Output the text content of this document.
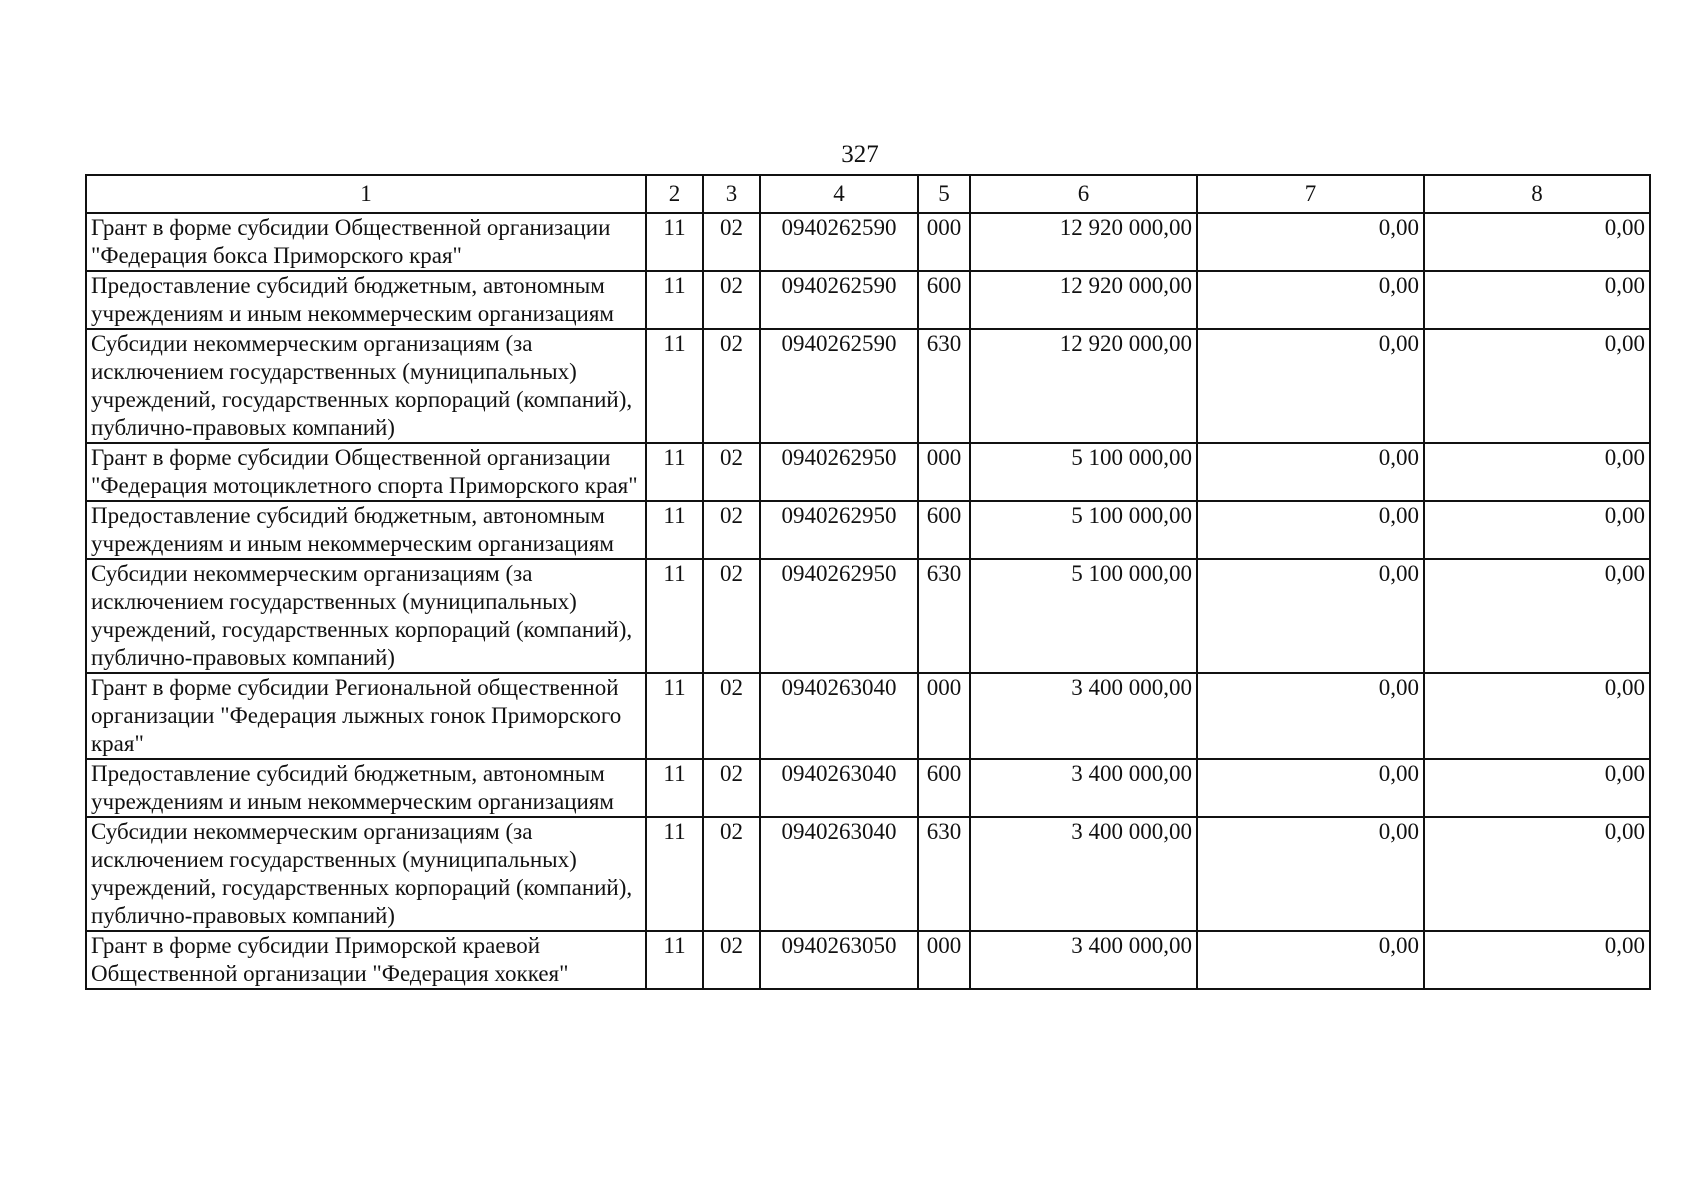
327
1	2	3	4	5	6	7	8
Грант в форме субсидии Общественной организации "Федерация бокса Приморского края"	11	02	0940262590	000	12 920 000,00	0,00	0,00
Предоставление субсидий бюджетным, автономным учреждениям и иным некоммерческим организациям	11	02	0940262590	600	12 920 000,00	0,00	0,00
Субсидии некоммерческим организациям (за исключением государственных (муниципальных) учреждений, государственных корпораций (компаний), публично-правовых компаний)	11	02	0940262590	630	12 920 000,00	0,00	0,00
Грант в форме субсидии Общественной организации "Федерация мотоциклетного спорта Приморского края"	11	02	0940262950	000	5 100 000,00	0,00	0,00
Предоставление субсидий бюджетным, автономным учреждениям и иным некоммерческим организациям	11	02	0940262950	600	5 100 000,00	0,00	0,00
Субсидии некоммерческим организациям (за исключением государственных (муниципальных) учреждений, государственных корпораций (компаний), публично-правовых компаний)	11	02	0940262950	630	5 100 000,00	0,00	0,00
Грант в форме субсидии Региональной общественной организации "Федерация лыжных гонок Приморского края"	11	02	0940263040	000	3 400 000,00	0,00	0,00
Предоставление субсидий бюджетным, автономным учреждениям и иным некоммерческим организациям	11	02	0940263040	600	3 400 000,00	0,00	0,00
Субсидии некоммерческим организациям (за исключением государственных (муниципальных) учреждений, государственных корпораций (компаний), публично-правовых компаний)	11	02	0940263040	630	3 400 000,00	0,00	0,00
Грант в форме субсидии Приморской краевой Общественной организации "Федерация хоккея"	11	02	0940263050	000	3 400 000,00	0,00	0,00
